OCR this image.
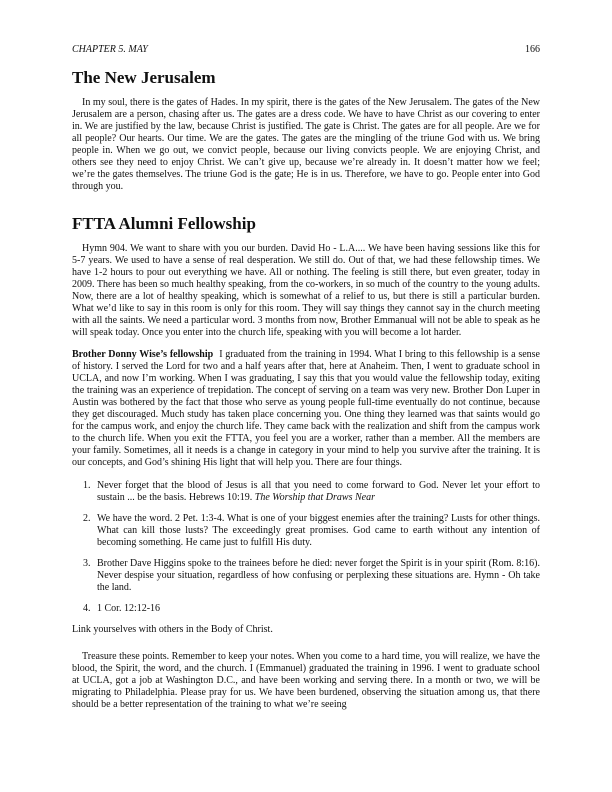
CHAPTER 5. MAY	166
The New Jerusalem

In my soul, there is the gates of Hades. In my spirit, there is the gates of the New Jerusalem. The gates of the New Jerusalem are a person, chasing after us. The gates are a dress code. We have to have Christ as our covering to enter in. We are justified by the law, because Christ is justified. The gate is Christ. The gates are for all people. Are we for all people? Our hearts. Our time. We are the gates. The gates are the mingling of the triune God with us. We bring people in. When we go out, we convict people, because our living convicts people. We are enjoying Christ, and others see they need to enjoy Christ. We can’t give up, because we’re already in. It doesn’t matter how we feel; we’re the gates themselves. The triune God is the gate; He is in us. Therefore, we have to go. People enter into God through you.

FTTA Alumni Fellowship

Hymn 904. We want to share with you our burden. David Ho - L.A.... We have been having sessions like this for 5-7 years. We used to have a sense of real desperation. We still do. Out of that, we had these fellowship times. We have 1-2 hours to pour out everything we have. All or nothing. The feeling is still there, but even greater, today in 2009. There has been so much healthy speaking, from the co-workers, in so much of the country to the young adults. Now, there are a lot of healthy speaking, which is somewhat of a relief to us, but there is still a particular burden. What we’d like to say in this room is only for this room. They will say things they cannot say in the church meeting with all the saints. We need a particular word. 3 months from now, Brother Emmanual will not be able to speak as he will speak today. Once you enter into the church life, speaking with you will become a lot harder.

Brother Donny Wise’s fellowship I graduated from the training in 1994. What I bring to this fellowship is a sense of history. I served the Lord for two and a half years after that, here at Anaheim. Then, I went to graduate school in UCLA, and now I’m working. When I was graduating, I say this that you would value the fellowship today, exiting the training was an experience of trepidation. The concept of serving on a team was very new. Brother Don Luper in Austin was bothered by the fact that those who serve as young people full-time eventually do not continue, because they get discouraged. Much study has taken place concerning you. One thing they learned was that saints would go for the campus work, and enjoy the church life. They came back with the realization and shift from the campus work to the church life. When you exit the FTTA, you feel you are a worker, rather than a member. All the members are your family. Sometimes, all it needs is a change in category in your mind to help you survive after the training. It is our concepts, and God’s shining His light that will help you. There are four things.

1. Never forget that the blood of Jesus is all that you need to come forward to God. Never let your effort to sustain ... be the basis. Hebrews 10:19. The Worship that Draws Near
2. We have the word. 2 Pet. 1:3-4. What is one of your biggest enemies after the training? Lusts for other things. What can kill those lusts? The exceedingly great promises. God came to earth without any intention of becoming something. He came just to fulfill His duty.
3. Brother Dave Higgins spoke to the trainees before he died: never forget the Spirit is in your spirit (Rom. 8:16). Never despise your situation, regardless of how confusing or perplexing these situations are. Hymn - Oh take the land.
4. 1 Cor. 12:12-16

Link yourselves with others in the Body of Christ.

Treasure these points. Remember to keep your notes. When you come to a hard time, you will realize, we have the blood, the Spirit, the word, and the church. I (Emmanuel) graduated the training in 1996. I went to graduate school at UCLA, got a job at Washington D.C., and have been working and serving there. In a month or two, we will be migrating to Philadelphia. Please pray for us. We have been burdened, observing the situation among us, that there should be a better representation of the training to what we’re seeing
